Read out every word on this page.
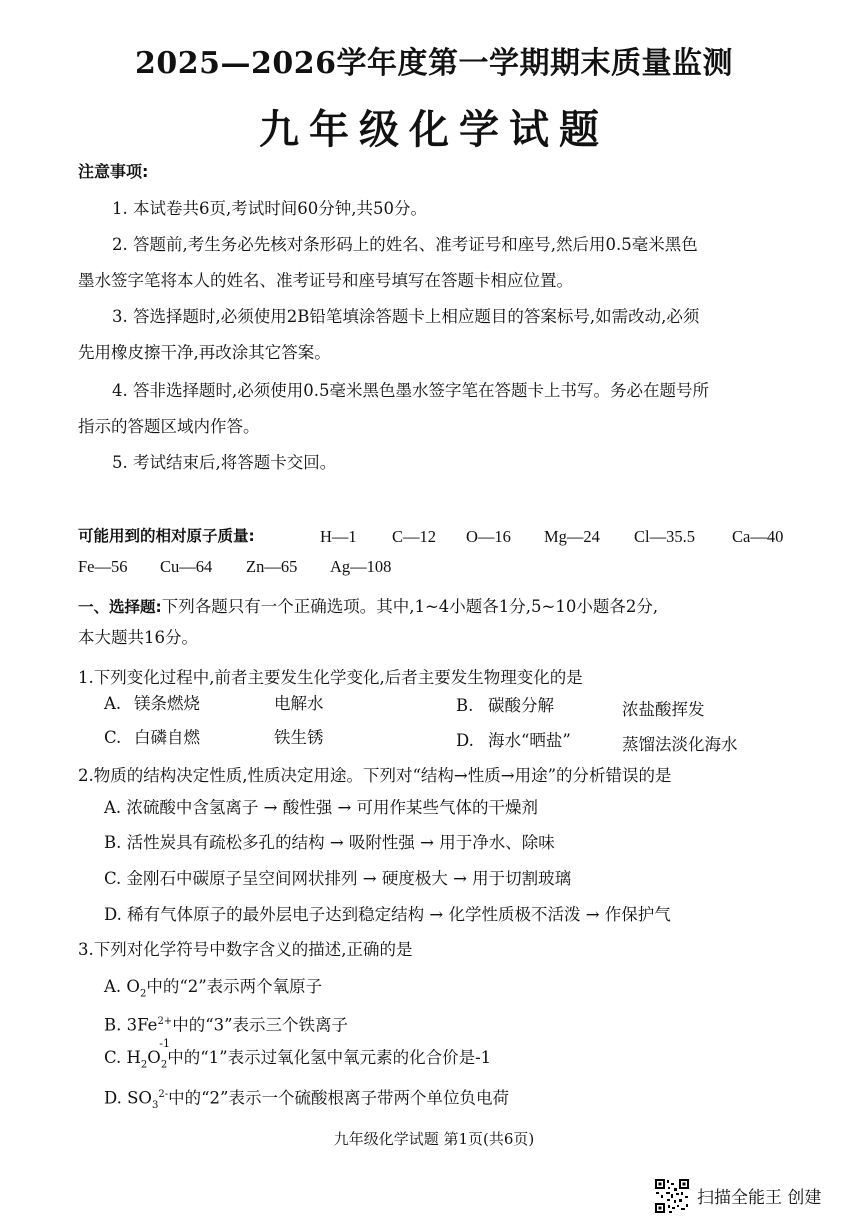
2025—2026学年度第一学期期末质量监测
九年级化学试题
注意事项:
1. 本试卷共6页,考试时间60分钟,共50分。
2. 答题前,考生务必先核对条形码上的姓名、准考证号和座号,然后用0.5毫米黑色
墨水签字笔将本人的姓名、准考证号和座号填写在答题卡相应位置。
3. 答选择题时,必须使用2B铅笔填涂答题卡上相应题目的答案标号,如需改动,必须
先用橡皮擦干净,再改涂其它答案。
4. 答非选择题时,必须使用0.5毫米黑色墨水签字笔在答题卡上书写。务必在题号所
指示的答题区域内作答。
5. 考试结束后,将答题卡交回。
可能用到的相对原子质量:	H—1 C—12 O—16 Mg—24 Cl—35.5 Ca—40
Fe—56 Cu—64 Zn—65 Ag—108
一、选择题:下列各题只有一个正确选项。其中,1~4小题各1分,5~10小题各2分,
本大题共16分。
1.下列变化过程中,前者主要发生化学变化,后者主要发生物理变化的是
A. 镁条燃烧	电解水	B. 碳酸分解	浓盐酸挥发
C. 白磷自燃	铁生锈	D. 海水“晒盐”	蒸馏法淡化海水
2.物质的结构决定性质,性质决定用途。下列对“结构→性质→用途”的分析错误的是
A. 浓硫酸中含氢离子 → 酸性强 → 可用作某些气体的干燥剂
B. 活性炭具有疏松多孔的结构 → 吸附性强 → 用于净水、除味
C. 金刚石中碳原子呈空间网状排列 → 硬度极大 → 用于切割玻璃
D. 稀有气体原子的最外层电子达到稳定结构 → 化学性质极不活泼 → 作保护气
3.下列对化学符号中数字含义的描述,正确的是
A. $O_2$中的“2”表示两个氧原子
B. $3Fe^{2+}$中的“3”表示三个铁离子
C. $H_2$
-1
$O_2$中的“1”表示过氧化氢中氧元素的化合价是-1
D. $SO_3^{2-}$中的“2”表示一个硫酸根离子带两个单位负电荷
九年级化学试题 第1页(共6页)
扫描全能王 创建
